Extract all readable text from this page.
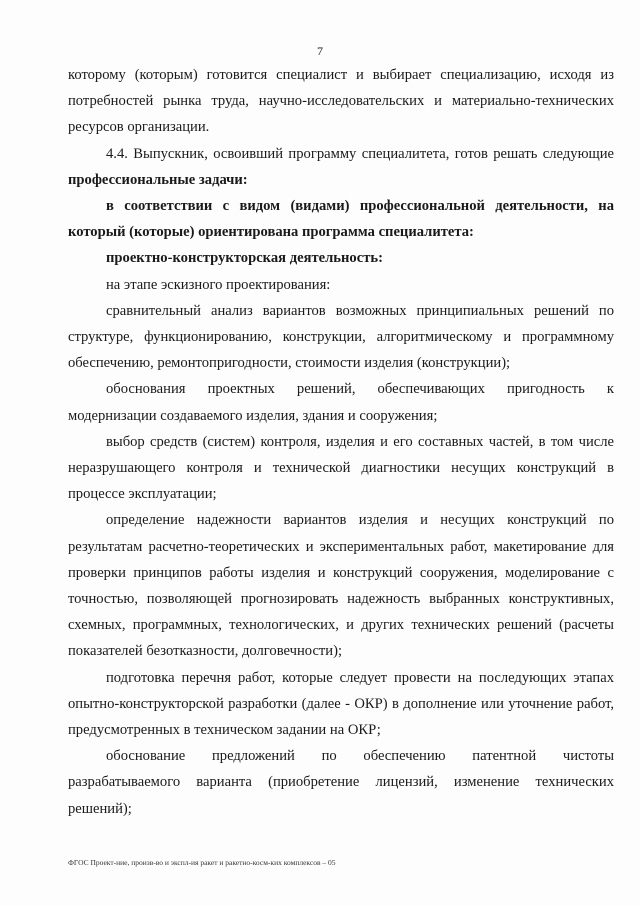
7

которому (которым) готовится специалист и выбирает специализацию, исходя из потребностей рынка труда, научно-исследовательских и материально-технических ресурсов организации.

4.4. Выпускник, освоивший программу специалитета, готов решать следующие профессиональные задачи:

в соответствии с видом (видами) профессиональной деятельности, на который (которые) ориентирована программа специалитета:

проектно-конструкторская деятельность:

на этапе эскизного проектирования:

сравнительный анализ вариантов возможных принципиальных решений по структуре, функционированию, конструкции, алгоритмическому и программному обеспечению, ремонтопригодности, стоимости изделия (конструкции);

обоснования проектных решений, обеспечивающих пригодность к модернизации создаваемого изделия, здания и сооружения;

выбор средств (систем) контроля, изделия и его составных частей, в том числе неразрушающего контроля и технической диагностики несущих конструкций в процессе эксплуатации;

определение надежности вариантов изделия и несущих конструкций по результатам расчетно-теоретических и экспериментальных работ, макетирование для проверки принципов работы изделия и конструкций сооружения, моделирование с точностью, позволяющей прогнозировать надежность выбранных конструктивных, схемных, программных, технологических, и других технических решений (расчеты показателей безотказности, долговечности);

подготовка перечня работ, которые следует провести на последующих этапах опытно-конструкторской разработки (далее - ОКР) в дополнение или уточнение работ, предусмотренных в техническом задании на ОКР;

обоснование предложений по обеспечению патентной чистоты разрабатываемого варианта (приобретение лицензий, изменение технических решений);

ФГОС Проект-ние, произв-во и экспл-ия ракет и ракетно-косм-ких комплексов – 05
